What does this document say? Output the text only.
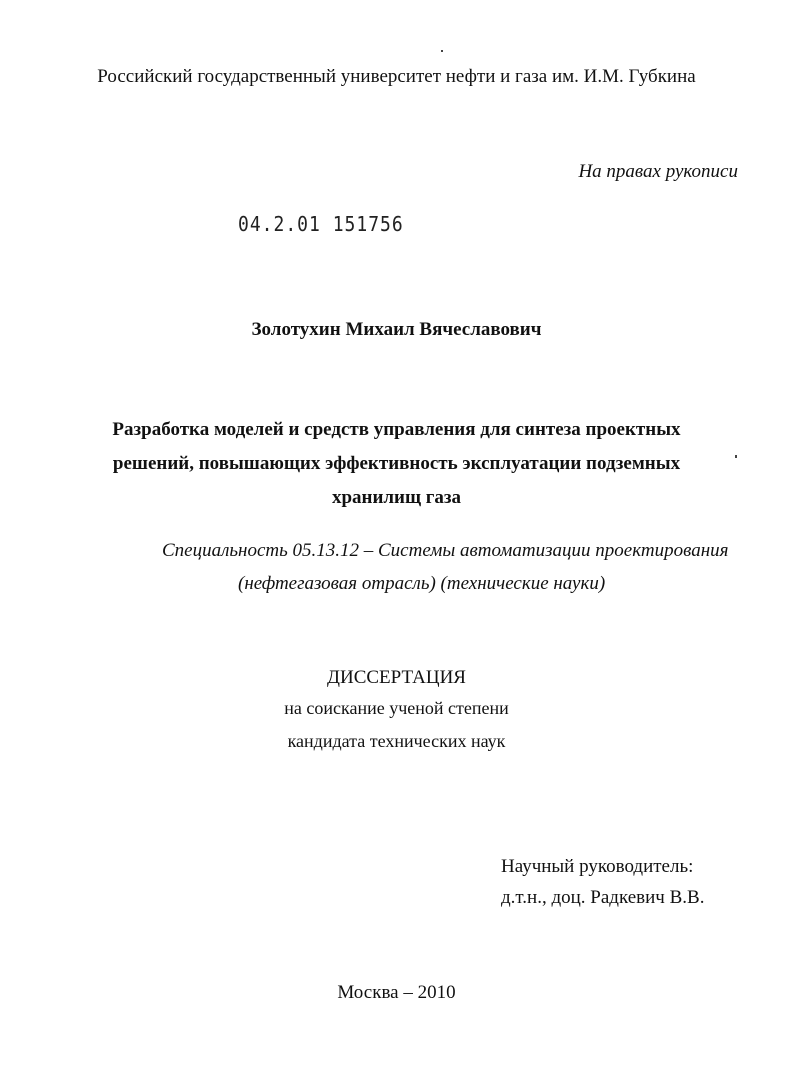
Российский государственный университет нефти и газа им. И.М. Губкина
На правах рукописи
04.2.01 151756
Золотухин Михаил Вячеславович
Разработка моделей и средств управления для синтеза проектных
решений, повышающих эффективность эксплуатации подземных
хранилищ газа
Специальность 05.13.12 – Системы автоматизации проектирования
(нефтегазовая отрасль) (технические науки)
ДИССЕРТАЦИЯ
на соискание ученой степени
кандидата технических наук
Научный руководитель:
д.т.н., доц. Радкевич В.В.
Москва – 2010
